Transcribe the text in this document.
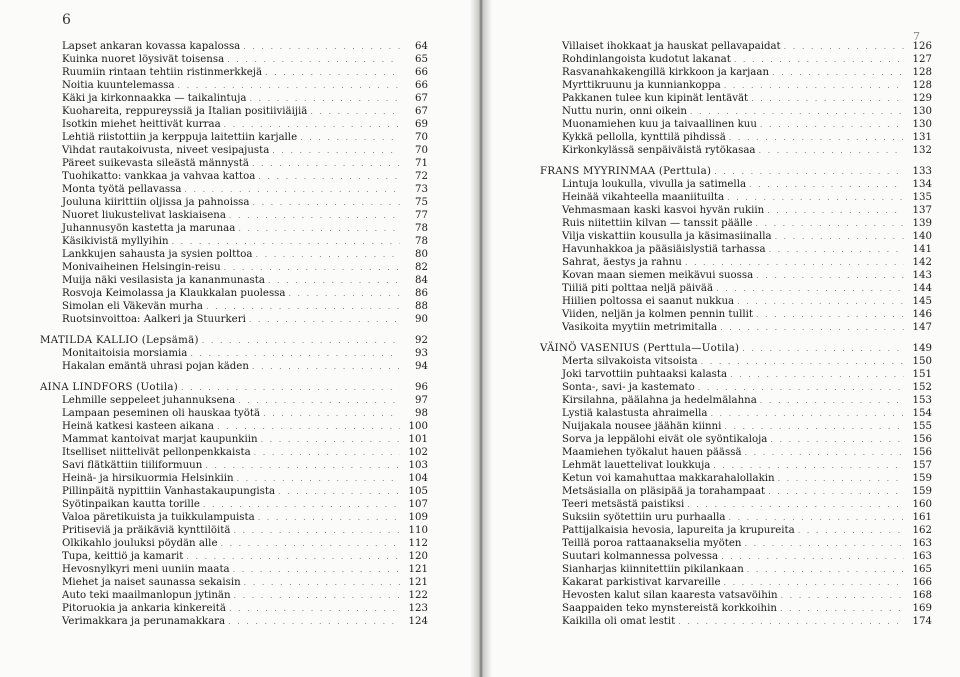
6
Lapset ankaran kovassa kapalossa . . .	64
Kuinka nuoret löysivät toisensa . . .	65
Ruumiin rintaan tehtiin ristinmerkkejä . . .	66
Noitia kuuntelemassa . . .	66
Käki ja kirkonnaakka — taikalintuja . . .	67
Kuohareita, reppureyssiä ja Italian positiiviäijiä . . .	67
Isotkin miehet heittivät kurraa . . .	69
Lehtiä riistottiin ja kerppuja laitettiin karjalle . . .	70
Vihdat rautakoivusta, niveet vesipajusta . . .	70
Päreet suikevasta sileästä männystä . . .	71
Tuohikatto: vankkaa ja vahvaa kattoa . . .	72
Monta työtä pellavassa . . .	73
Jouluna kiirittiin oljissa ja pahnoissa . . .	75
Nuoret liukustelivat laskiaisena . . .	77
Juhannusyön kastetta ja marunaa . . .	78
Käsikivistä myllyihin . . .	78
Lankkujen sahausta ja sysien polttoa . . .	80
Monivaiheinen Helsingin-reisu . . .	82
Muija näki vesilasista ja kananmunasta . . .	84
Rosvoja Keimolassa ja Klaukkalan puolessa . . .	86
Simolan eli Väkevän murha . . .	88
Ruotsinvoittoa: Aalkeri ja Stuurkeri . . .	90
MATILDA KALLIO (Lepsämä) . . .	92
Monitaitoisia morsiamia . . .	93
Hakalan emäntä uhrasi pojan käden . . .	94
AINA LINDFORS (Uotila) . . .	96
Lehmille seppeleet juhannuksena . . .	97
Lampaan peseminen oli hauskaa työtä . . .	98
Heinä katkesi kasteen aikana . . .	100
Mammat kantoivat marjat kaupunkiin . . .	101
Itselliset niittelivät pellonpenkkaista . . .	102
Savi flätkättiin tiiliformuun . . .	103
Heinä- ja hirsikuormia Helsinkiin . . .	104
Pillinpäitä nypittiin Vanhastakaupungista . . .	105
Syötinpaikan kautta torille . . .	107
Valoa päretikuista ja tuikkulampuista . . .	109
Pritiseviä ja präikäviä kynttilöitä . . .	110
Olkikahlo jouluksi pöydän alle . . .	112
Tupa, keittiö ja kamarit . . .	120
Hevosnylkyri meni uuniin maata . . .	121
Miehet ja naiset saunassa sekaisin . . .	121
Auto teki maailmanlopun jytinän . . .	122
Pitoruokia ja ankaria kinkereitä . . .	123
Verimakkara ja perunamakkara . . .	124
7
Villaiset ihokkaat ja hauskat pellavapaidat . . .	126
Rohdinlangoista kudotut lakanat . . .	127
Rasvanahkakengillä kirkkoon ja karjaan . . .	128
Myrttikruunu ja kunniankoppa . . .	128
Pakkanen tulee kun kipinät lentävät . . .	129
Nuttu nurin, onni oikein . . .	130
Muonamiehen kuu ja taivaallinen kuu . . .	130
Kykkä pellolla, kynttilä pihdissä . . .	131
Kirkonkylässä senpäiväistä rytökasaa . . .	132
FRANS MYYRINMAA (Perttula) . . .	133
Lintuja loukulla, vivulla ja satimella . . .	134
Heinää vikahteella maaniituilta . . .	135
Vehmasmaan kaski kasvoi hyvän rukiin . . .	137
Ruis niitettiin kilvan — tanssit päälle . . .	139
Vilja viskattiin kousulla ja käsimasiinalla . . .	140
Havunhakkoa ja pääsiäislystiä tarhassa . . .	141
Sahrat, äestys ja rahnu . . .	142
Kovan maan siemen meikävui suossa . . .	143
Tiiliä piti polttaa neljä päivää . . .	144
Hiilien poltossa ei saanut nukkua . . .	145
Viiden, neljän ja kolmen pennin tullit . . .	146
Vasikoita myytiin metrimitalla . . .	147
VÄINÖ VASENIUS (Perttula—Uotila) . . .	149
Merta silvakoista vitsoista . . .	150
Joki tarvottiin puhtaaksi kalasta . . .	151
Sonta-, savi- ja kastemato . . .	152
Kirsilahna, päälahna ja hedelmälahna . . .	153
Lystiä kalastusta ahraimella . . .	154
Nuijakala nousee jäähän kiinni . . .	155
Sorva ja leppälohi eivät ole syöntikaloja . . .	156
Maamiehen työkalut hauen päässä . . .	156
Lehmät lauettelivat loukkuja . . .	157
Ketun voi kamahuttaa makkarahalollakin . . .	159
Metsäsialla on pläsipää ja torahampaat . . .	159
Teeri metsästä paistiksi . . .	160
Suksiin syötettiin uru purhaalla . . .	161
Pattijalkaisia hevosia, lapureita ja krupureita . . .	162
Teillä poroa rattaanakselia myöten . . .	163
Suutari kolmannessa polvessa . . .	163
Sianharjas kiinnitettiin pikilankaan . . .	165
Kakarat parkistivat karvareille . . .	166
Hevosten kalut silan kaaresta vatsavöihin . . .	168
Saappaiden teko mynstereistä korkkoihin . . .	169
Kaikilla oli omat lestit . . .	174
